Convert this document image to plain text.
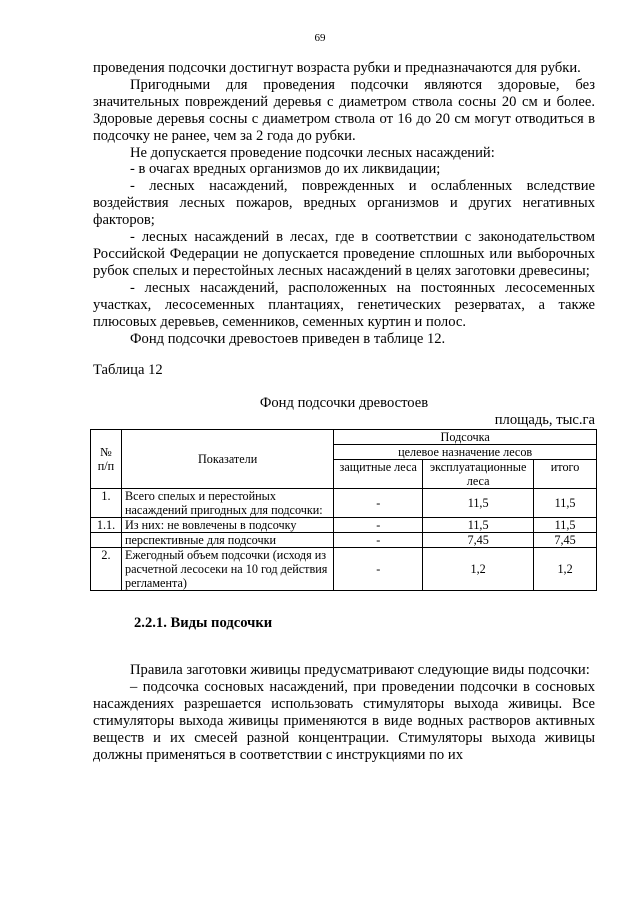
69

проведения подсочки достигнут возраста рубки и предназначаются для рубки.

Пригодными для проведения подсочки являются здоровые, без значительных повреждений деревья с диаметром ствола сосны 20 см и более. Здоровые деревья сосны с диаметром ствола от 16 до 20 см могут отводиться в подсочку не ранее, чем за 2 года до рубки.

Не допускается проведение подсочки лесных насаждений:

- в очагах вредных организмов до их ликвидации;

- лесных насаждений, поврежденных и ослабленных вследствие воздействия лесных пожаров, вредных организмов и других негативных факторов;

- лесных насаждений в лесах, где в соответствии с законодательством Российской Федерации не допускается проведение сплошных или выборочных рубок спелых и перестойных лесных насаждений в целях заготовки древесины;

- лесных насаждений, расположенных на постоянных лесосеменных участках, лесосеменных плантациях, генетических резерватах, а также плюсовых деревьев, семенников, семенных куртин и полос.

Фонд подсочки древостоев приведен в таблице 12.

Таблица 12

Фонд подсочки древостоев

площадь, тыс.га

№ п/п	Показатели	Подсочка		
		целевое назначение лесов		
		защитные леса	эксплуатационные леса	итого
1.	Всего спелых и перестойных насаждений пригодных для подсочки:	-	11,5	11,5
1.1.	Из них: не вовлечены в подсочку	-	11,5	11,5
	перспективные для подсочки	-	7,45	7,45
2.	Ежегодный объем подсочки (исходя из расчетной лесосеки на 10 год действия регламента)	-	1,2	1,2

2.2.1. Виды подсочки

Правила заготовки живицы предусматривают следующие виды подсочки:

– подсочка сосновых насаждений, при проведении подсочки в сосновых насаждениях разрешается использовать стимуляторы выхода живицы. Все стимуляторы выхода живицы применяются в виде водных растворов активных веществ и их смесей разной концентрации. Стимуляторы выхода живицы должны применяться в соответствии с инструкциями по их
